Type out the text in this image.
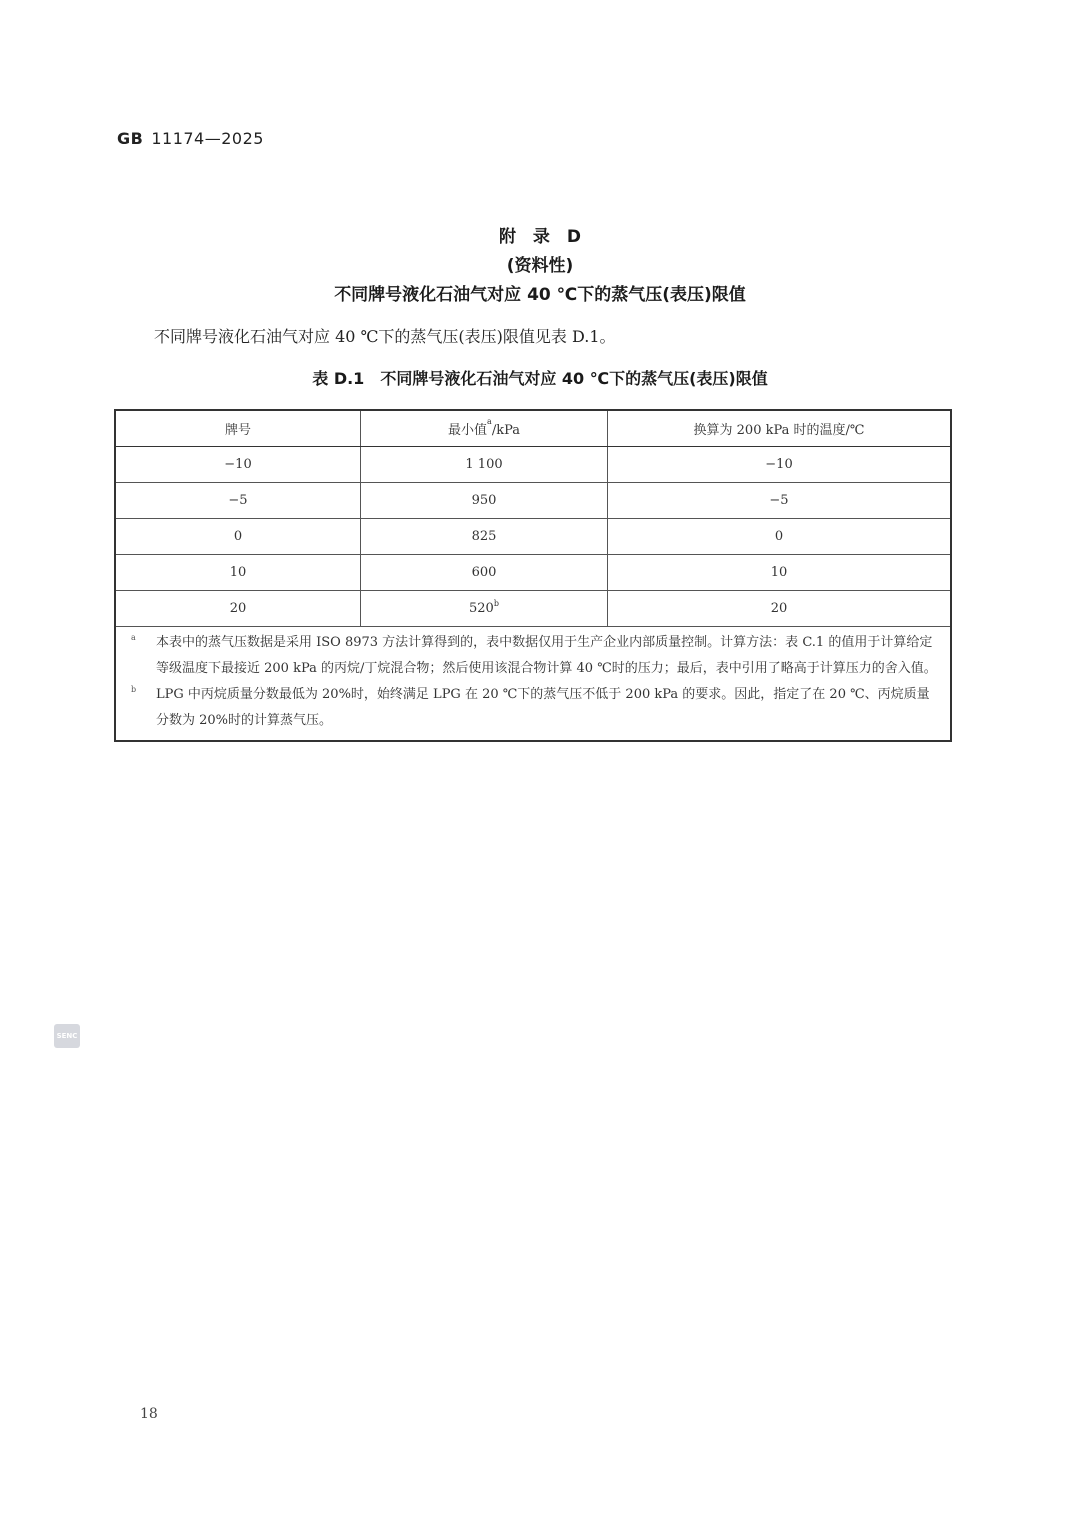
GB 11174—2025
附　录　D
(资料性)
不同牌号液化石油气对应 40 ℃下的蒸气压(表压)限值
不同牌号液化石油气对应 40 ℃下的蒸气压(表压)限值见表 D.1。
表 D.1　不同牌号液化石油气对应 40 ℃下的蒸气压(表压)限值
牌号	最小值$^a$/kPa	换算为 200 kPa 时的温度/℃
−10	1 100	−10
−5	950	−5
0	825	0
10	600	10
20	520$^b$	20

a 本表中的蒸气压数据是采用 ISO 8973 方法计算得到的，表中数据仅用于生产企业内部质量控制。计算方法：表 C.1 的值用于计算给定等级温度下最接近 200 kPa 的丙烷/丁烷混合物；然后使用该混合物计算 40 ℃时的压力；最后，表中引用了略高于计算压力的舍入值。
b LPG 中丙烷质量分数最低为 20%时，始终满足 LPG 在 20 ℃下的蒸气压不低于 200 kPa 的要求。因此，指定了在 20 ℃、丙烷质量分数为 20%时的计算蒸气压。		
SENC
18
